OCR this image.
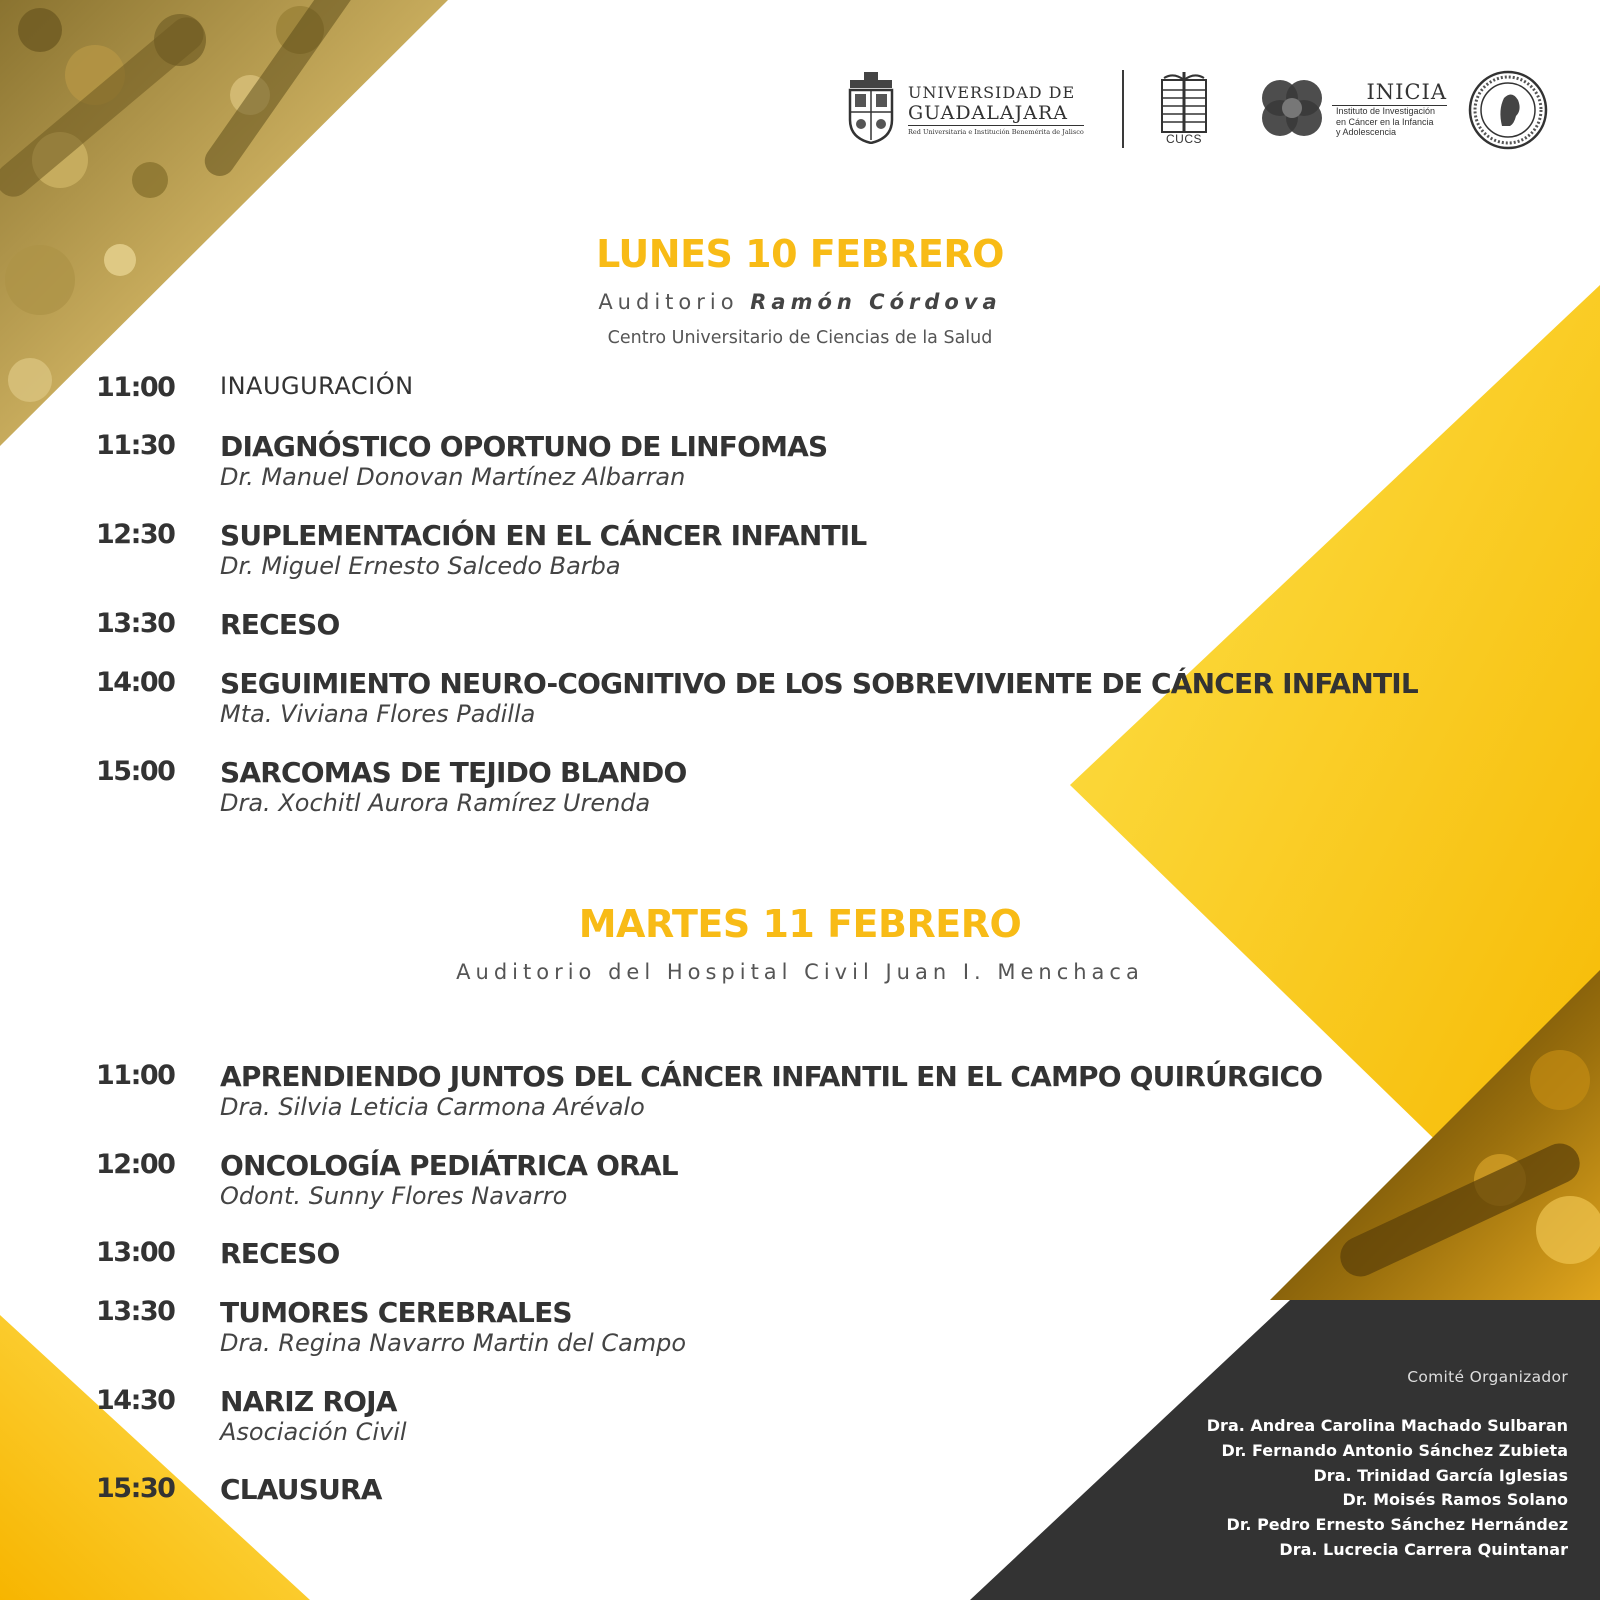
UNIVERSIDAD DE
GUADALAJARA
Red Universitaria e Institución Benemérita de Jalisco	CUCS
INICIA
Instituto de Investigación
en Cáncer en la Infancia
y Adolescencia
LUNES 10 FEBRERO
Auditorio Ramón Córdova
Centro Universitario de Ciencias de la Salud
11:00	INAUGURACIÓN
11:30	DIAGNÓSTICO OPORTUNO DE LINFOMAS
Dr. Manuel Donovan Martínez Albarran
12:30	SUPLEMENTACIÓN EN EL CÁNCER INFANTIL
Dr. Miguel Ernesto Salcedo Barba
13:30	RECESO
14:00	SEGUIMIENTO NEURO-COGNITIVO DE LOS SOBREVIVIENTE DE CÁNCER INFANTIL
Mta. Viviana Flores Padilla
15:00	SARCOMAS DE TEJIDO BLANDO
Dra. Xochitl Aurora Ramírez Urenda
MARTES 11 FEBRERO
Auditorio del Hospital Civil Juan I. Menchaca
11:00	APRENDIENDO JUNTOS DEL CÁNCER INFANTIL EN EL CAMPO QUIRÚRGICO
Dra. Silvia Leticia Carmona Arévalo
12:00	ONCOLOGÍA PEDIÁTRICA ORAL
Odont. Sunny Flores Navarro
13:00	RECESO
13:30	TUMORES CEREBRALES
Dra. Regina Navarro Martin del Campo
14:30	NARIZ ROJA
Asociación Civil
15:30	CLAUSURA
Comité Organizador
Dra. Andrea Carolina Machado Sulbaran
Dr. Fernando Antonio Sánchez Zubieta
Dra. Trinidad García Iglesias
Dr. Moisés Ramos Solano
Dr. Pedro Ernesto Sánchez Hernández
Dra. Lucrecia Carrera Quintanar
